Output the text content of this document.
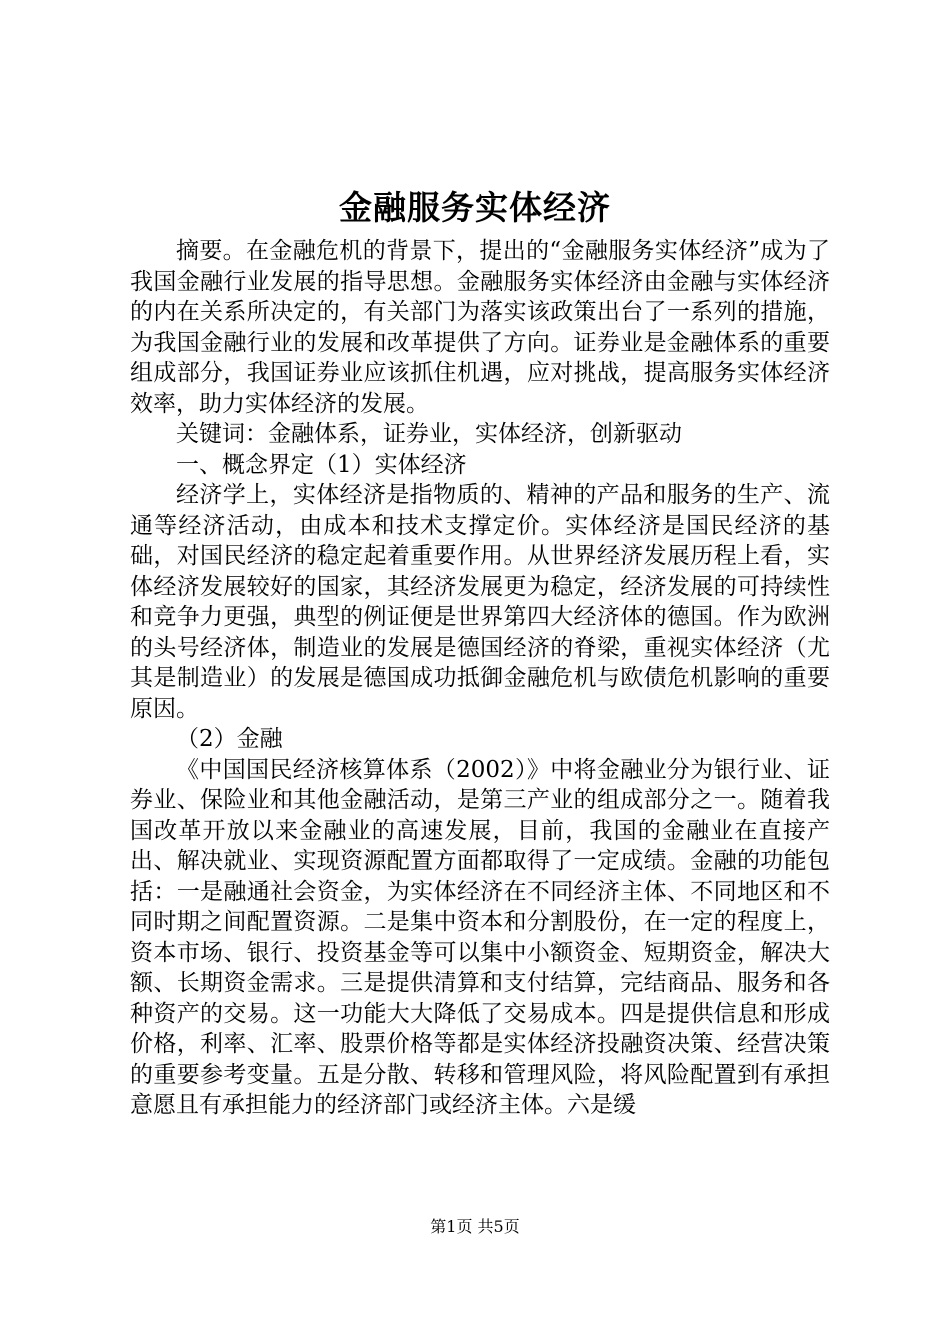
金融服务实体经济

摘要。在金融危机的背景下，提出的“金融服务实体经济”成为了我国金融行业发展的指导思想。金融服务实体经济由金融与实体经济的内在关系所决定的，有关部门为落实该政策出台了一系列的措施，为我国金融行业的发展和改革提供了方向。证券业是金融体系的重要组成部分，我国证券业应该抓住机遇，应对挑战，提高服务实体经济效率，助力实体经济的发展。

关键词：金融体系，证券业，实体经济，创新驱动

一、概念界定（1）实体经济

经济学上，实体经济是指物质的、精神的产品和服务的生产、流通等经济活动，由成本和技术支撑定价。实体经济是国民经济的基础，对国民经济的稳定起着重要作用。从世界经济发展历程上看，实体经济发展较好的国家，其经济发展更为稳定，经济发展的可持续性和竞争力更强，典型的例证便是世界第四大经济体的德国。作为欧洲的头号经济体，制造业的发展是德国经济的脊梁，重视实体经济（尤其是制造业）的发展是德国成功抵御金融危机与欧债危机影响的重要原因。

（2）金融

《中国国民经济核算体系（2002）》中将金融业分为银行业、证券业、保险业和其他金融活动，是第三产业的组成部分之一。随着我国改革开放以来金融业的高速发展，目前，我国的金融业在直接产出、解决就业、实现资源配置方面都取得了一定成绩。金融的功能包括：一是融通社会资金，为实体经济在不同经济主体、不同地区和不同时期之间配置资源。二是集中资本和分割股份，在一定的程度上，资本市场、银行、投资基金等可以集中小额资金、短期资金，解决大额、长期资金需求。三是提供清算和支付结算，完结商品、服务和各种资产的交易。这一功能大大降低了交易成本。四是提供信息和形成价格，利率、汇率、股票价格等都是实体经济投融资决策、经营决策的重要参考变量。五是分散、转移和管理风险，将风险配置到有承担意愿且有承担能力的经济部门或经济主体。六是缓

第1页 共5页
